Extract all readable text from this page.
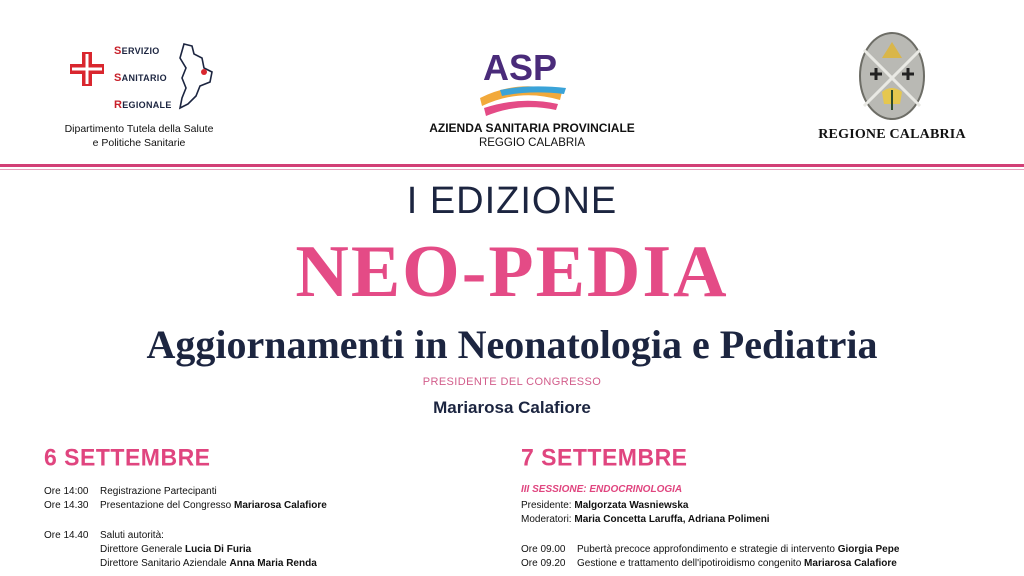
SERVIZIO
SANITARIO
REGIONALE
Dipartimento Tutela della Salute
e Politiche Sanitarie
ASP
AZIENDA SANITARIA PROVINCIALE
REGGIO CALABRIA
REGIONE CALABRIA
I EDIZIONE
NEO-PEDIA
Aggiornamenti in Neonatologia e Pediatria
PRESIDENTE DEL CONGRESSO
Mariarosa Calafiore
6 SETTEMBRE
Ore 14:00 Registrazione Partecipanti
Ore 14.30 Presentazione del Congresso Mariarosa Calafiore
Ore 14.40 Saluti autorità:
Direttore Generale Lucia Di Furia
Direttore Sanitario Aziendale Anna Maria Renda
7 SETTEMBRE
III SESSIONE: ENDOCRINOLOGIA
Presidente: Malgorzata Wasniewska
Moderatori: Maria Concetta Laruffa, Adriana Polimeni
Ore 09.00 Pubertà precoce approfondimento e strategie di intervento Giorgia Pepe
Ore 09.20 Gestione e trattamento dell'ipotiroidismo congenito Mariarosa Calafiore
